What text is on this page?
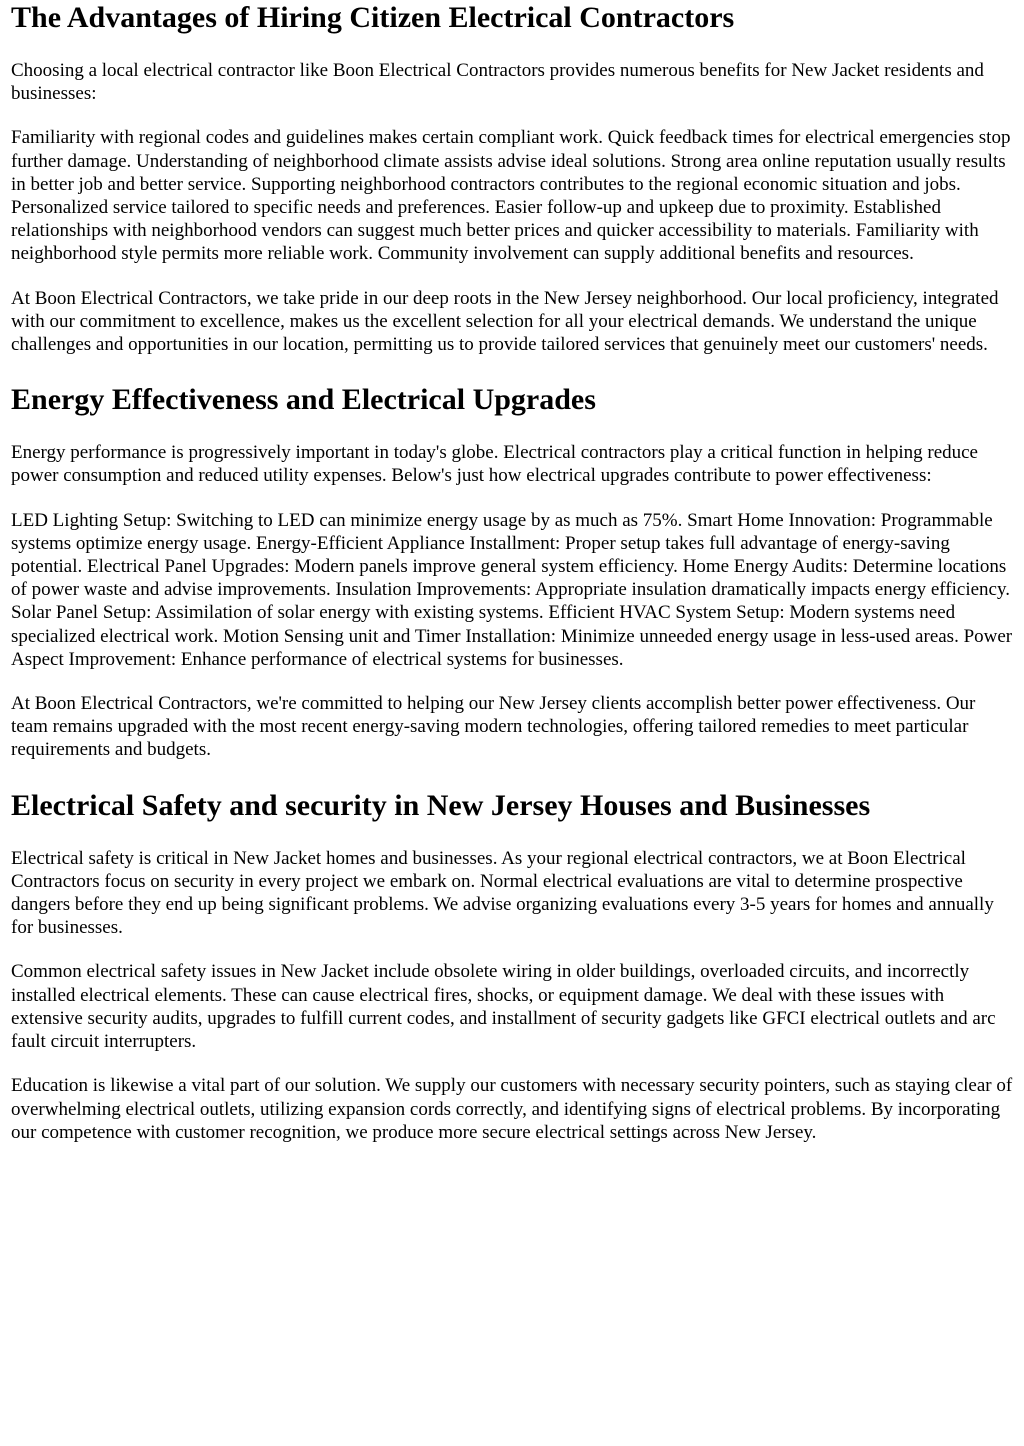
The Advantages of Hiring Citizen Electrical Contractors

Choosing a local electrical contractor like Boon Electrical Contractors provides numerous benefits for New Jacket residents and businesses:

Familiarity with regional codes and guidelines makes certain compliant work. Quick feedback times for electrical emergencies stop further damage. Understanding of neighborhood climate assists advise ideal solutions. Strong area online reputation usually results in better job and better service. Supporting neighborhood contractors contributes to the regional economic situation and jobs. Personalized service tailored to specific needs and preferences. Easier follow-up and upkeep due to proximity. Established relationships with neighborhood vendors can suggest much better prices and quicker accessibility to materials. Familiarity with neighborhood style permits more reliable work. Community involvement can supply additional benefits and resources.

At Boon Electrical Contractors, we take pride in our deep roots in the New Jersey neighborhood. Our local proficiency, integrated with our commitment to excellence, makes us the excellent selection for all your electrical demands. We understand the unique challenges and opportunities in our location, permitting us to provide tailored services that genuinely meet our customers' needs.

Energy Effectiveness and Electrical Upgrades

Energy performance is progressively important in today's globe. Electrical contractors play a critical function in helping reduce power consumption and reduced utility expenses. Below's just how electrical upgrades contribute to power effectiveness:

LED Lighting Setup: Switching to LED can minimize energy usage by as much as 75%. Smart Home Innovation: Programmable systems optimize energy usage. Energy-Efficient Appliance Installment: Proper setup takes full advantage of energy-saving potential. Electrical Panel Upgrades: Modern panels improve general system efficiency. Home Energy Audits: Determine locations of power waste and advise improvements. Insulation Improvements: Appropriate insulation dramatically impacts energy efficiency. Solar Panel Setup: Assimilation of solar energy with existing systems. Efficient HVAC System Setup: Modern systems need specialized electrical work. Motion Sensing unit and Timer Installation: Minimize unneeded energy usage in less-used areas. Power Aspect Improvement: Enhance performance of electrical systems for businesses.

At Boon Electrical Contractors, we're committed to helping our New Jersey clients accomplish better power effectiveness. Our team remains upgraded with the most recent energy-saving modern technologies, offering tailored remedies to meet particular requirements and budgets.

Electrical Safety and security in New Jersey Houses and Businesses

Electrical safety is critical in New Jacket homes and businesses. As your regional electrical contractors, we at Boon Electrical Contractors focus on security in every project we embark on. Normal electrical evaluations are vital to determine prospective dangers before they end up being significant problems. We advise organizing evaluations every 3-5 years for homes and annually for businesses.

Common electrical safety issues in New Jacket include obsolete wiring in older buildings, overloaded circuits, and incorrectly installed electrical elements. These can cause electrical fires, shocks, or equipment damage. We deal with these issues with extensive security audits, upgrades to fulfill current codes, and installment of security gadgets like GFCI electrical outlets and arc fault circuit interrupters.

Education is likewise a vital part of our solution. We supply our customers with necessary security pointers, such as staying clear of overwhelming electrical outlets, utilizing expansion cords correctly, and identifying signs of electrical problems. By incorporating our competence with customer recognition, we produce more secure electrical settings across New Jersey.
